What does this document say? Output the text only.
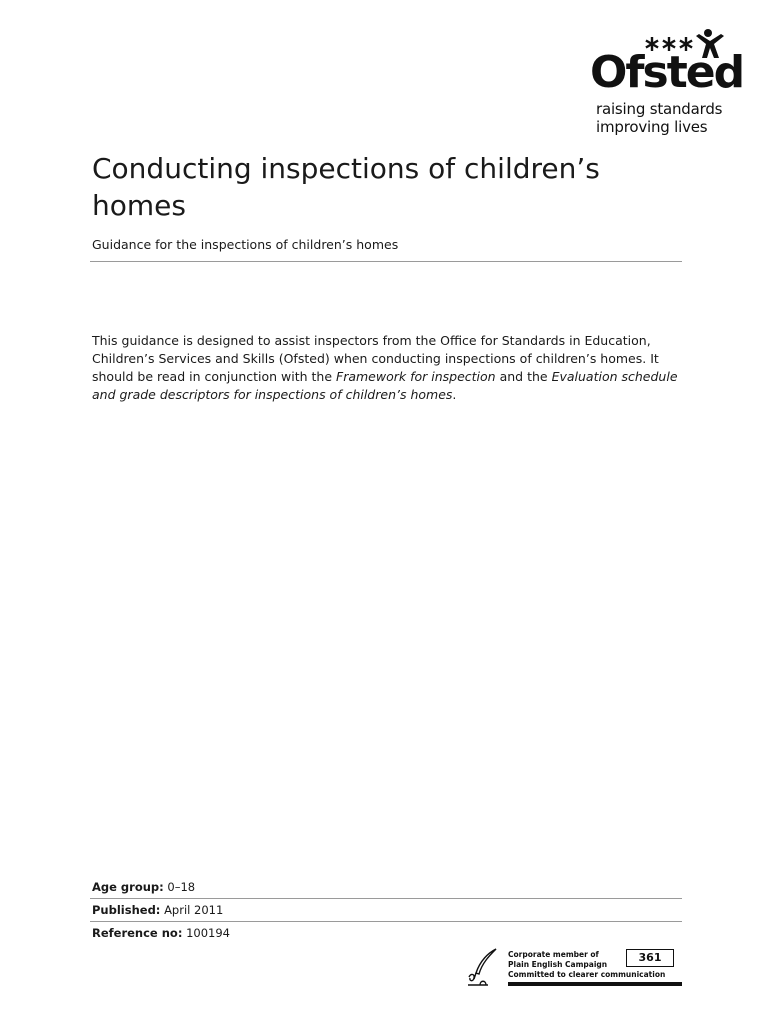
Ofsted
raising standards
improving lives
Conducting inspections of children’s homes

Guidance for the inspections of children’s homes

This guidance is designed to assist inspectors from the Office for Standards in Education, Children’s Services and Skills (Ofsted) when conducting inspections of children’s homes. It should be read in conjunction with the Framework for inspection and the Evaluation schedule and grade descriptors for inspections of children’s homes.

Age group: 0–18
Published: April 2011
Reference no: 100194
Corporate member of
Plain English Campaign
Committed to clearer communication
361
